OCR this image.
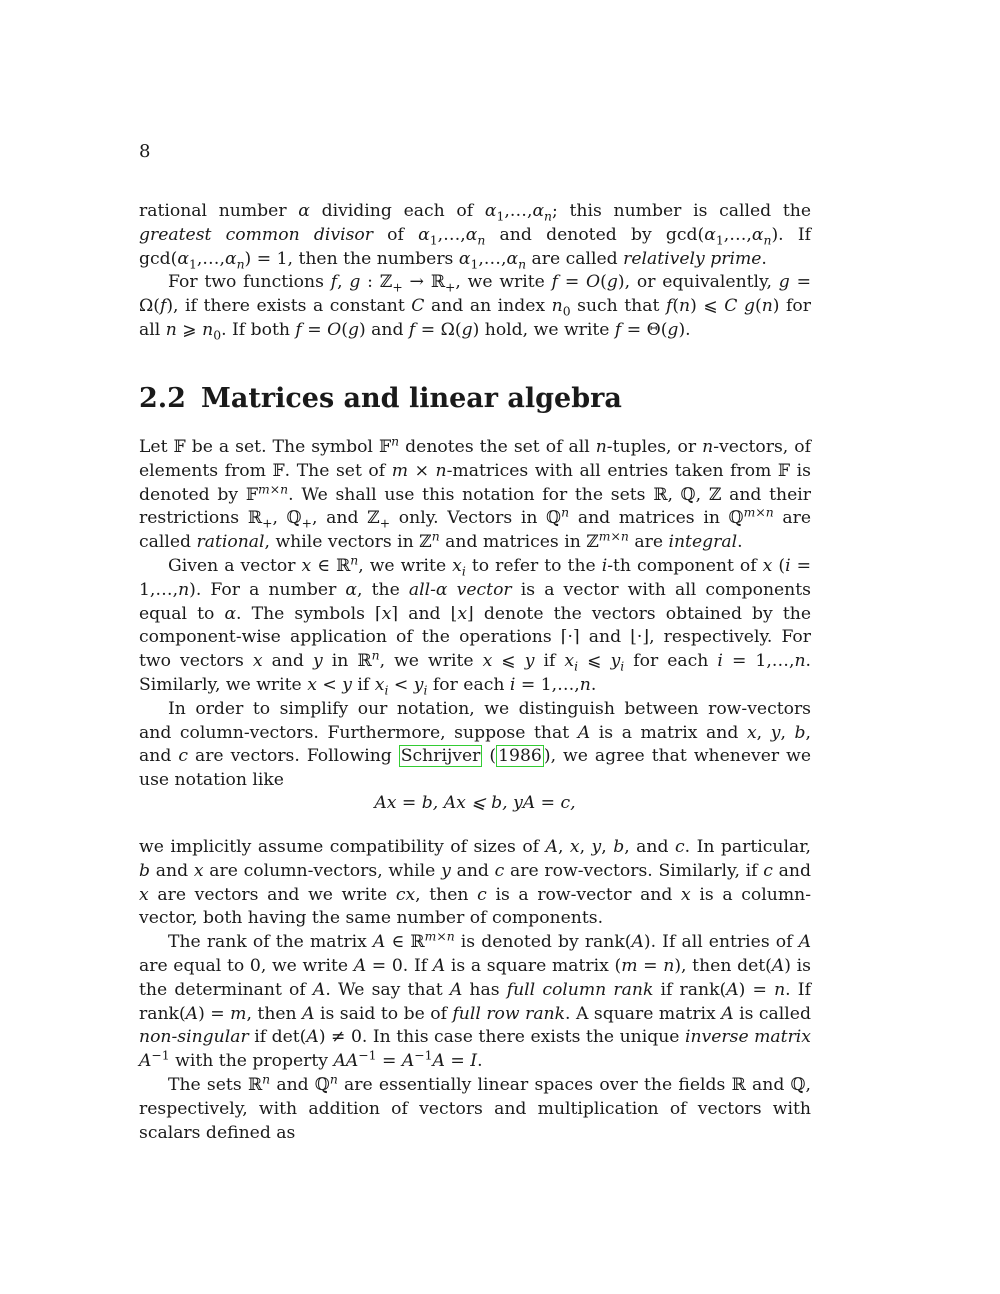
8

rational number α dividing each of $\alpha_1,\dots,\alpha_n$; this number is called the greatest common divisor of $\alpha_1,\dots,\alpha_n$ and denoted by $\gcd(\alpha_1,\dots,\alpha_n)$. If $\gcd(\alpha_1,\dots,\alpha_n) = 1$, then the numbers $\alpha_1,\dots,\alpha_n$ are called relatively prime.

For two functions f, g : ℤ$_+$ → ℝ$_+$, we write f = O(g), or equivalently, g = Ω(f), if there exists a constant C and an index $n_0$ such that f(n) ⩽ C g(n) for all n ⩾ $n_0$. If both f = O(g) and f = Ω(g) hold, we write f = Θ(g).

2.2 Matrices and linear algebra

Let 𝔽 be a set. The symbol 𝔽$^n$ denotes the set of all n-tuples, or n-vectors, of elements from 𝔽. The set of m × n-matrices with all entries taken from 𝔽 is denoted by 𝔽$^{m\times n}$. We shall use this notation for the sets ℝ, ℚ, ℤ and their restrictions ℝ$_+$, ℚ$_+$, and ℤ$_+$ only. Vectors in ℚ$^n$ and matrices in ℚ$^{m\times n}$ are called rational, while vectors in ℤ$^n$ and matrices in ℤ$^{m\times n}$ are integral.

Given a vector x ∈ ℝ$^n$, we write $x_i$ to refer to the i-th component of x (i = 1,…,n). For a number α, the all-α vector is a vector with all components equal to α. The symbols ⌈x⌉ and ⌊x⌋ denote the vectors obtained by the component-wise application of the operations ⌈·⌉ and ⌊·⌋, respectively. For two vectors x and y in ℝ$^n$, we write x ⩽ y if $x_i$ ⩽ $y_i$ for each i = 1,…,n. Similarly, we write x < y if $x_i < y_i$ for each i = 1,…,n.

In order to simplify our notation, we distinguish between row-vectors and column-vectors. Furthermore, suppose that A is a matrix and x, y, b, and c are vectors. Following Schrijver ( 1986 ), we agree that whenever we use notation like

Ax = b, Ax ⩽ b, yA = c,

we implicitly assume compatibility of sizes of A, x, y, b, and c. In particular, b and x are column-vectors, while y and c are row-vectors. Similarly, if c and x are vectors and we write cx, then c is a row-vector and x is a column-vector, both having the same number of components.

The rank of the matrix A ∈ ℝ$^{m\times n}$ is denoted by rank(A). If all entries of A are equal to 0, we write A = 0. If A is a square matrix (m = n), then det(A) is the determinant of A. We say that A has full column rank if rank(A) = n. If rank(A) = m, then A is said to be of full row rank. A square matrix A is called non-singular if det(A) ≠ 0. In this case there exists the unique inverse matrix $A^{-1}$ with the property $AA^{-1} = A^{-1}A = I$.

The sets ℝ$^n$ and ℚ$^n$ are essentially linear spaces over the fields ℝ and ℚ, respectively, with addition of vectors and multiplication of vectors with scalars defined as
